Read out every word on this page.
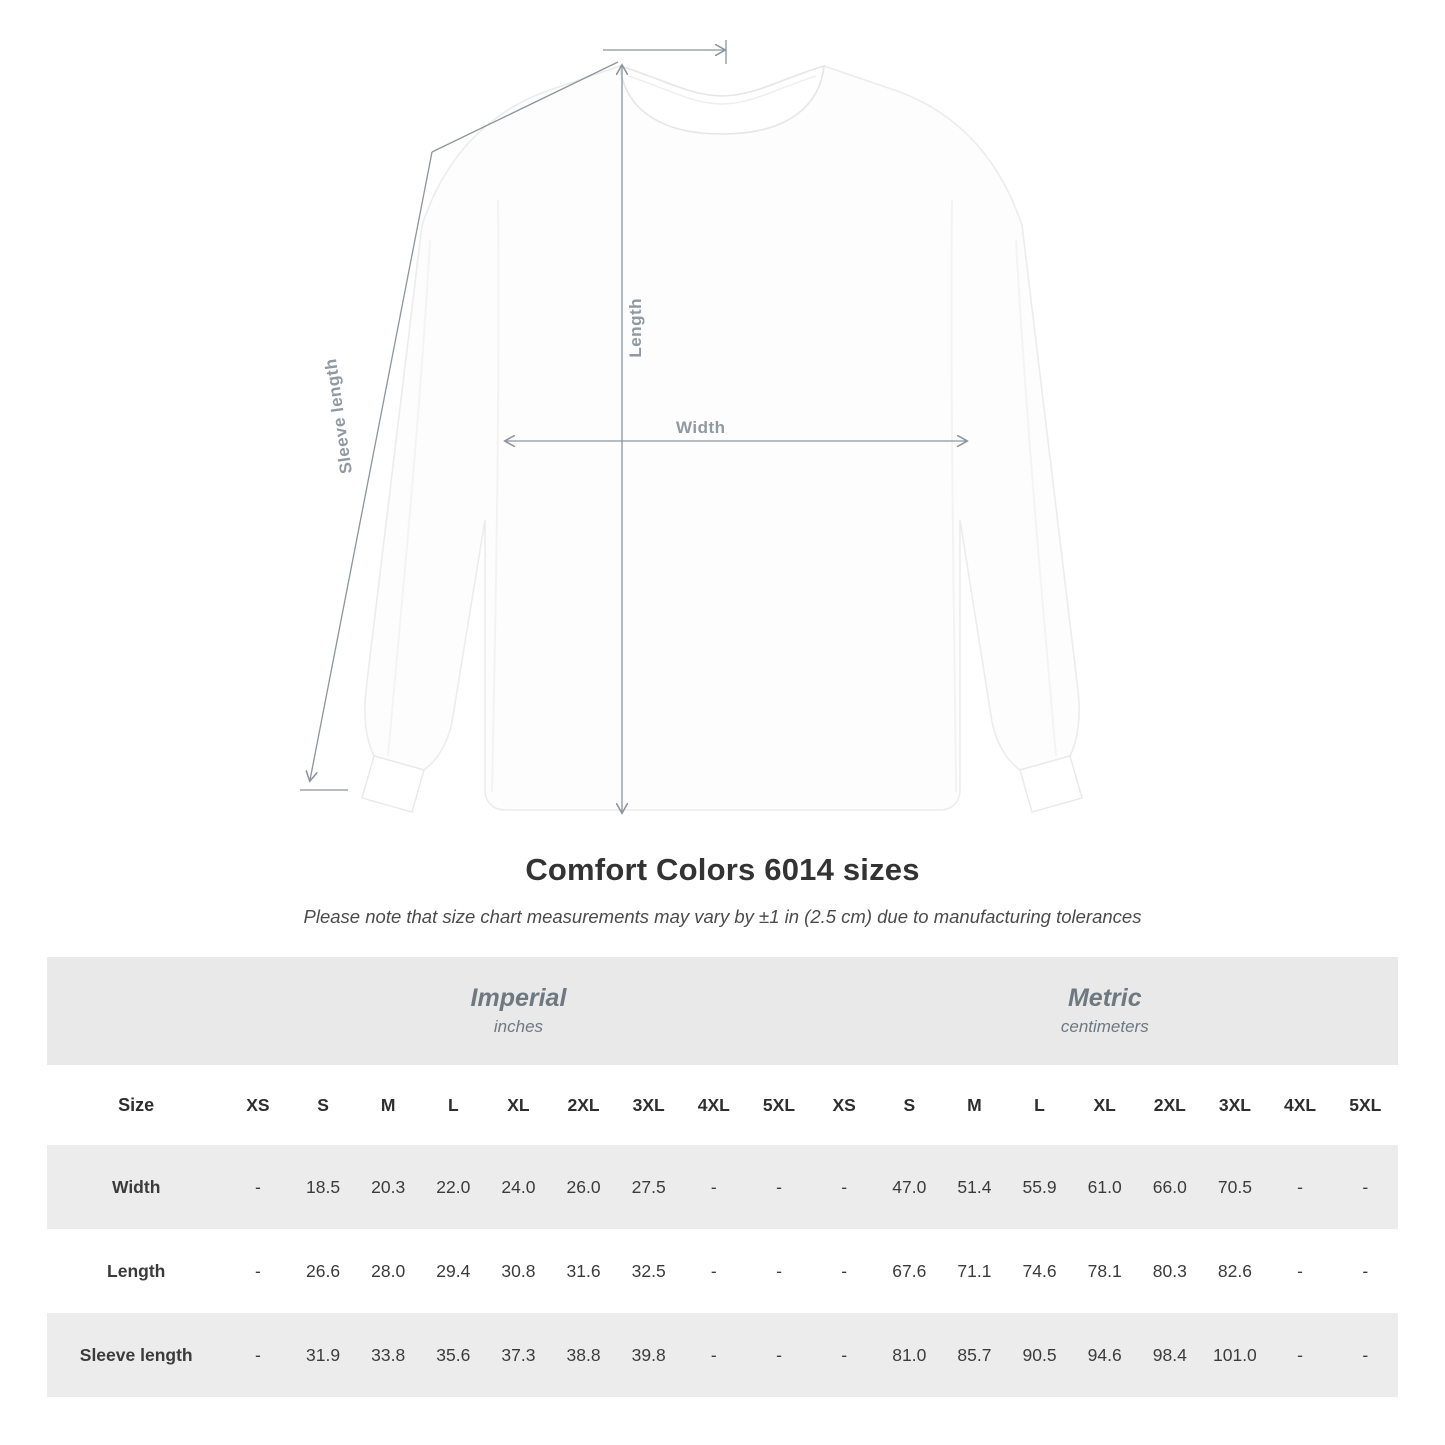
Length
Width
Sleeve length
Comfort Colors 6014 sizes
Please note that size chart measurements may vary by ±1 in (2.5 cm) due to manufacturing tolerances

Imperial
inches

Metric
centimeters

Size	XS	S	M	L	XL	2XL	3XL	4XL	5XL	XS	S	M	L	XL	2XL	3XL	4XL	5XL
Width	-	18.5	20.3	22.0	24.0	26.0	27.5	-	-	-	47.0	51.4	55.9	61.0	66.0	70.5	-	-
Length	-	26.6	28.0	29.4	30.8	31.6	32.5	-	-	-	67.6	71.1	74.6	78.1	80.3	82.6	-	-
Sleeve length	-	31.9	33.8	35.6	37.3	38.8	39.8	-	-	-	81.0	85.7	90.5	94.6	98.4	101.0	-	-
